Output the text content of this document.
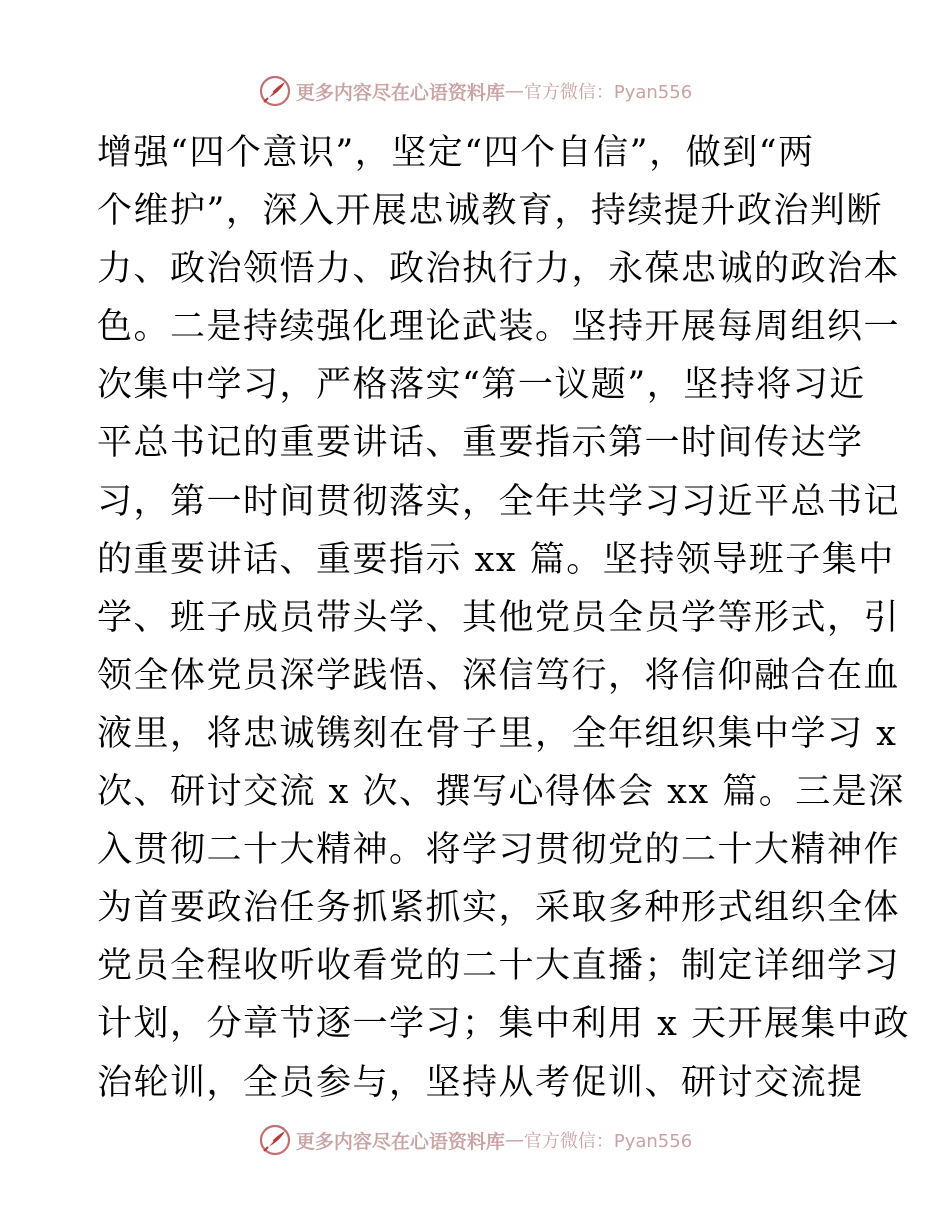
更多内容尽在心语资料库 — 官方微信：Pyan556
增强“四个意识”，坚定“四个自信”，做到“两
个维护”，深入开展忠诚教育，持续提升政治判断
力、政治领悟力、政治执行力，永葆忠诚的政治本
色。二是持续强化理论武装。坚持开展每周组织一
次集中学习，严格落实“第一议题”，坚持将习近
平总书记的重要讲话、重要指示第一时间传达学
习，第一时间贯彻落实，全年共学习习近平总书记
的重要讲话、重要指示 xx 篇。坚持领导班子集中
学、班子成员带头学、其他党员全员学等形式，引
领全体党员深学践悟、深信笃行，将信仰融合在血
液里，将忠诚镌刻在骨子里，全年组织集中学习 x
次、研讨交流 x 次、撰写心得体会 xx 篇。三是深
入贯彻二十大精神。将学习贯彻党的二十大精神作
为首要政治任务抓紧抓实，采取多种形式组织全体
党员全程收听收看党的二十大直播；制定详细学习
计划，分章节逐一学习；集中利用 x 天开展集中政
治轮训，全员参与，坚持从考促训、研讨交流提
更多内容尽在心语资料库 — 官方微信：Pyan556
